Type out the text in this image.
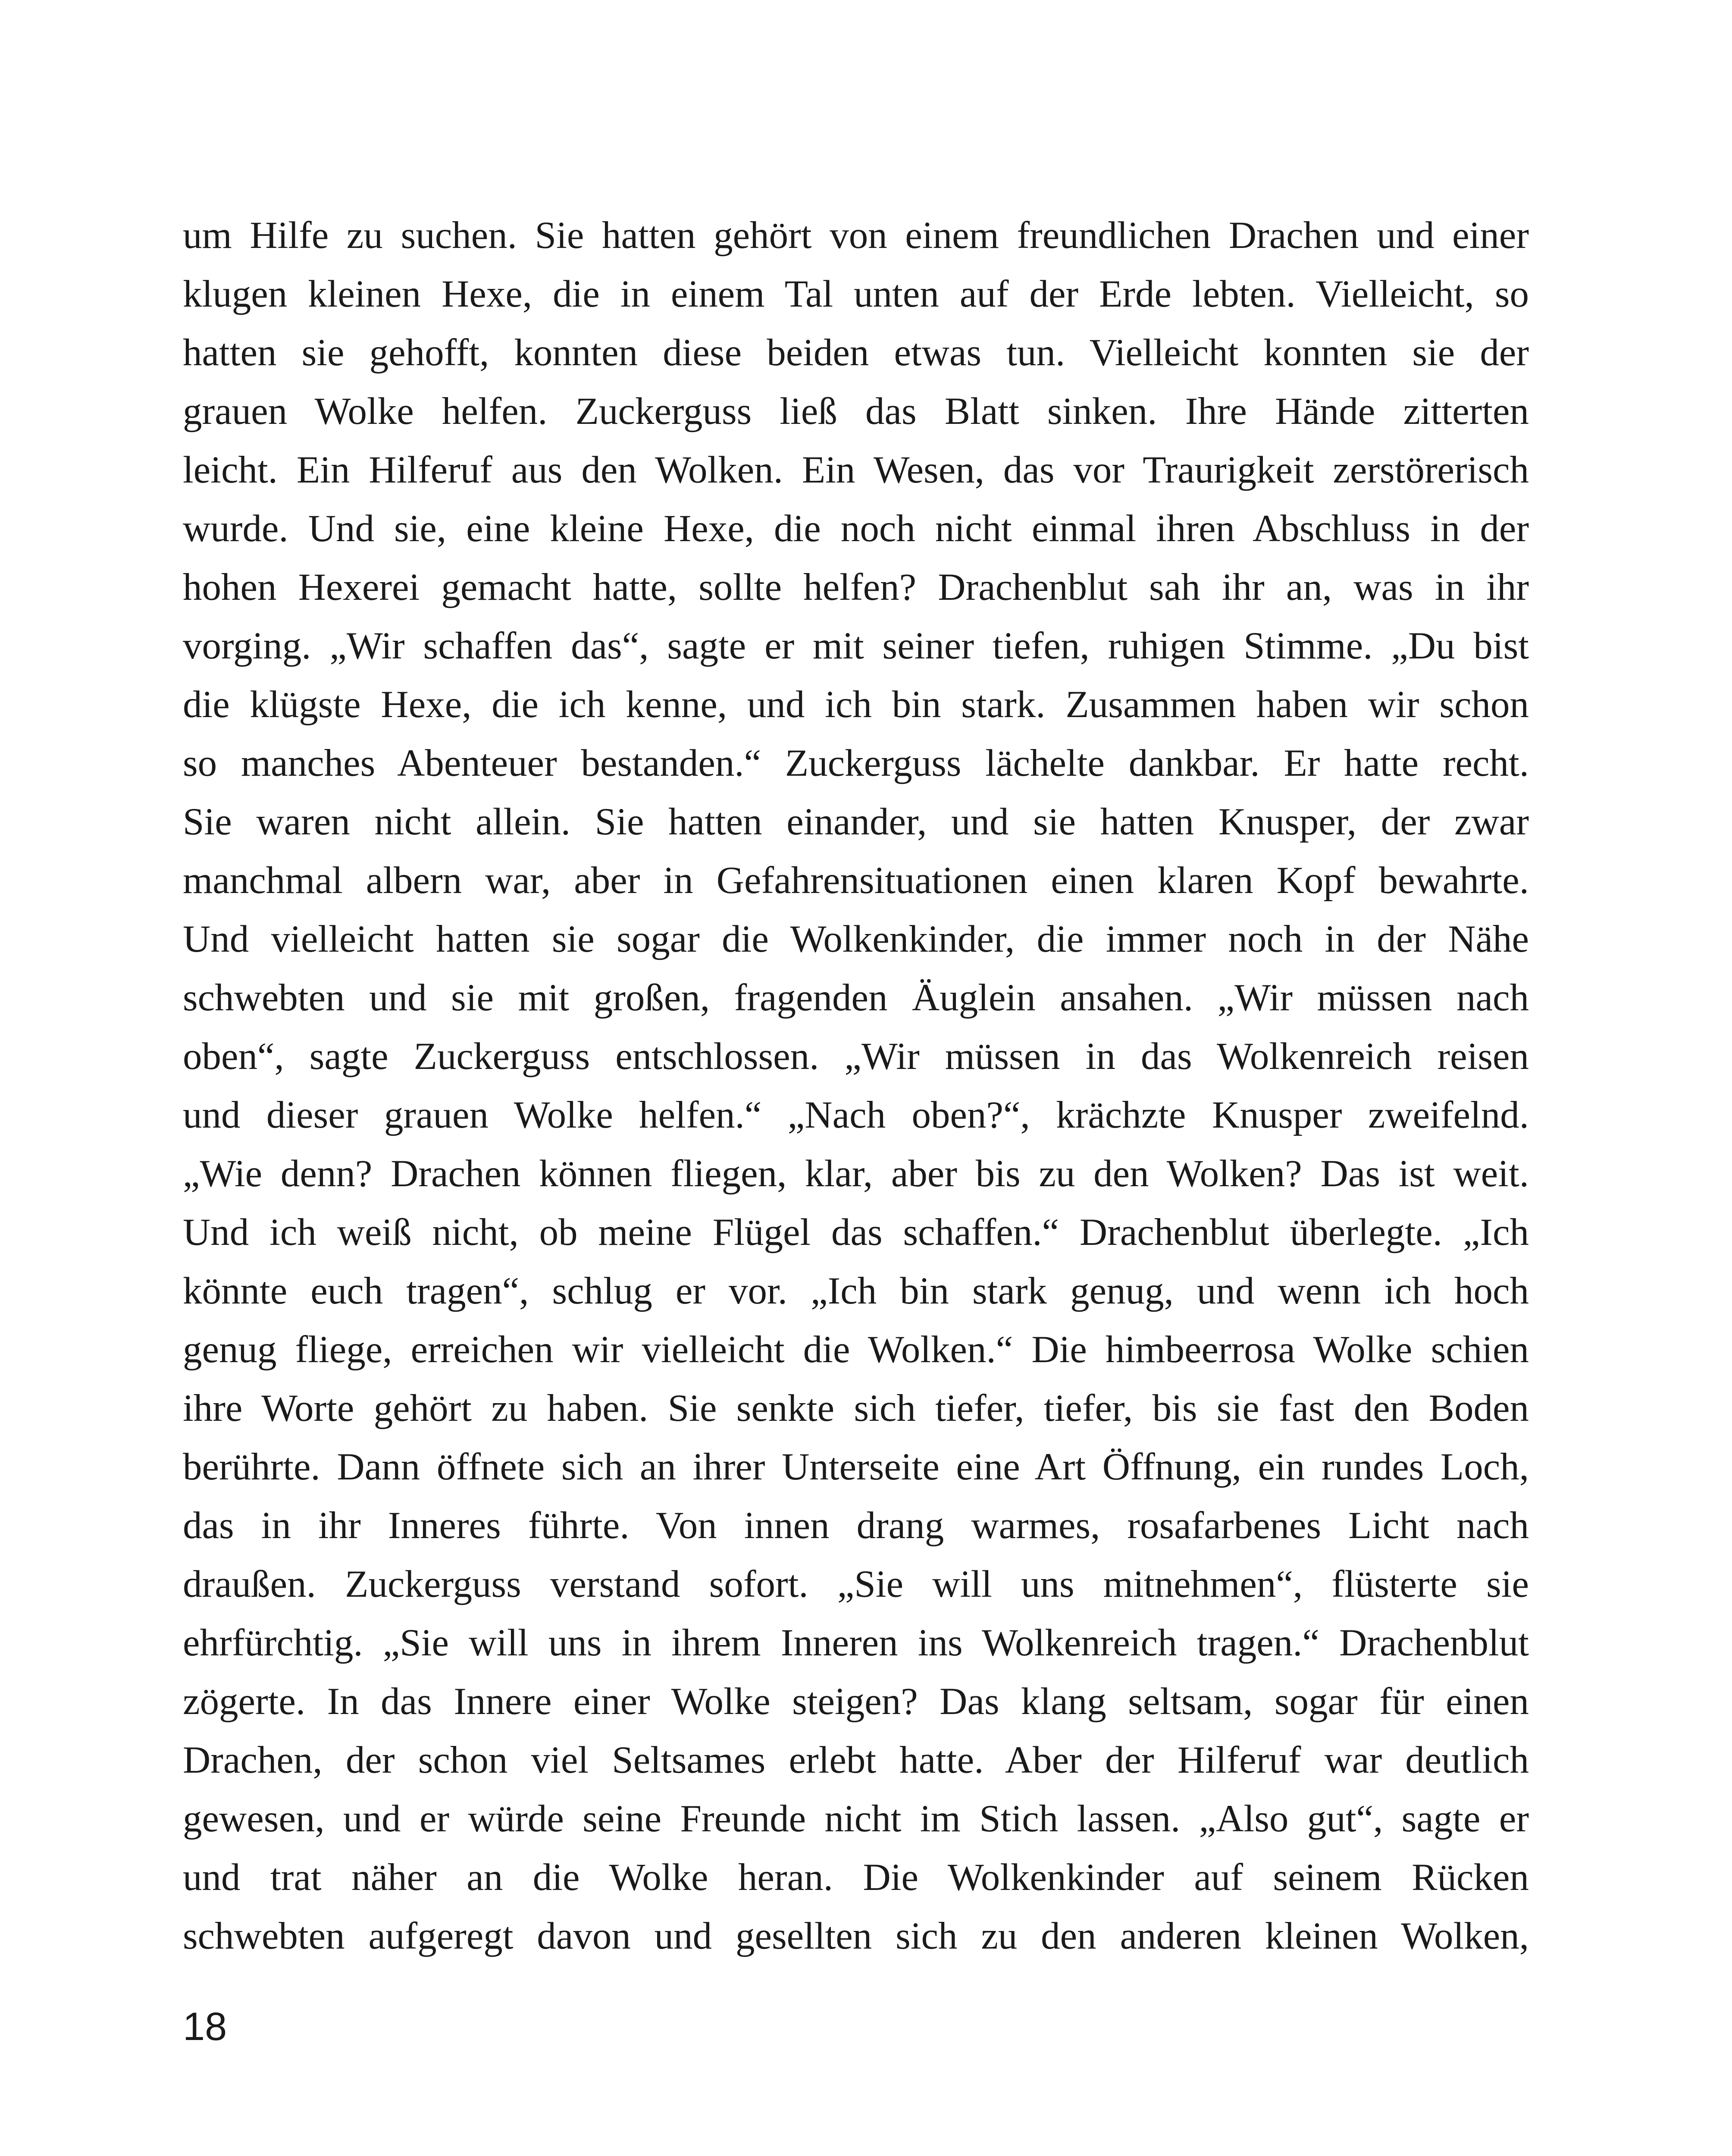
um Hilfe zu suchen. Sie hatten gehört von einem freundlichen Drachen und einer
klugen kleinen Hexe, die in einem Tal unten auf der Erde lebten. Vielleicht, so
hatten sie gehofft, konnten diese beiden etwas tun. Vielleicht konnten sie der
grauen Wolke helfen. Zuckerguss ließ das Blatt sinken. Ihre Hände zitterten
leicht. Ein Hilferuf aus den Wolken. Ein Wesen, das vor Traurigkeit zerstörerisch
wurde. Und sie, eine kleine Hexe, die noch nicht einmal ihren Abschluss in der
hohen Hexerei gemacht hatte, sollte helfen? Drachenblut sah ihr an, was in ihr
vorging. „Wir schaffen das“, sagte er mit seiner tiefen, ruhigen Stimme. „Du bist
die klügste Hexe, die ich kenne, und ich bin stark. Zusammen haben wir schon
so manches Abenteuer bestanden.“ Zuckerguss lächelte dankbar. Er hatte recht.
Sie waren nicht allein. Sie hatten einander, und sie hatten Knusper, der zwar
manchmal albern war, aber in Gefahrensituationen einen klaren Kopf bewahrte.
Und vielleicht hatten sie sogar die Wolkenkinder, die immer noch in der Nähe
schwebten und sie mit großen, fragenden Äuglein ansahen. „Wir müssen nach
oben“, sagte Zuckerguss entschlossen. „Wir müssen in das Wolkenreich reisen
und dieser grauen Wolke helfen.“ „Nach oben?“, krächzte Knusper zweifelnd.
„Wie denn? Drachen können fliegen, klar, aber bis zu den Wolken? Das ist weit.
Und ich weiß nicht, ob meine Flügel das schaffen.“ Drachenblut überlegte. „Ich
könnte euch tragen“, schlug er vor. „Ich bin stark genug, und wenn ich hoch
genug fliege, erreichen wir vielleicht die Wolken.“ Die himbeerrosa Wolke schien
ihre Worte gehört zu haben. Sie senkte sich tiefer, tiefer, bis sie fast den Boden
berührte. Dann öffnete sich an ihrer Unterseite eine Art Öffnung, ein rundes Loch,
das in ihr Inneres führte. Von innen drang warmes, rosafarbenes Licht nach
draußen. Zuckerguss verstand sofort. „Sie will uns mitnehmen“, flüsterte sie
ehrfürchtig. „Sie will uns in ihrem Inneren ins Wolkenreich tragen.“ Drachenblut
zögerte. In das Innere einer Wolke steigen? Das klang seltsam, sogar für einen
Drachen, der schon viel Seltsames erlebt hatte. Aber der Hilferuf war deutlich
gewesen, und er würde seine Freunde nicht im Stich lassen. „Also gut“, sagte er
und trat näher an die Wolke heran. Die Wolkenkinder auf seinem Rücken
schwebten aufgeregt davon und gesellten sich zu den anderen kleinen Wolken,
18
